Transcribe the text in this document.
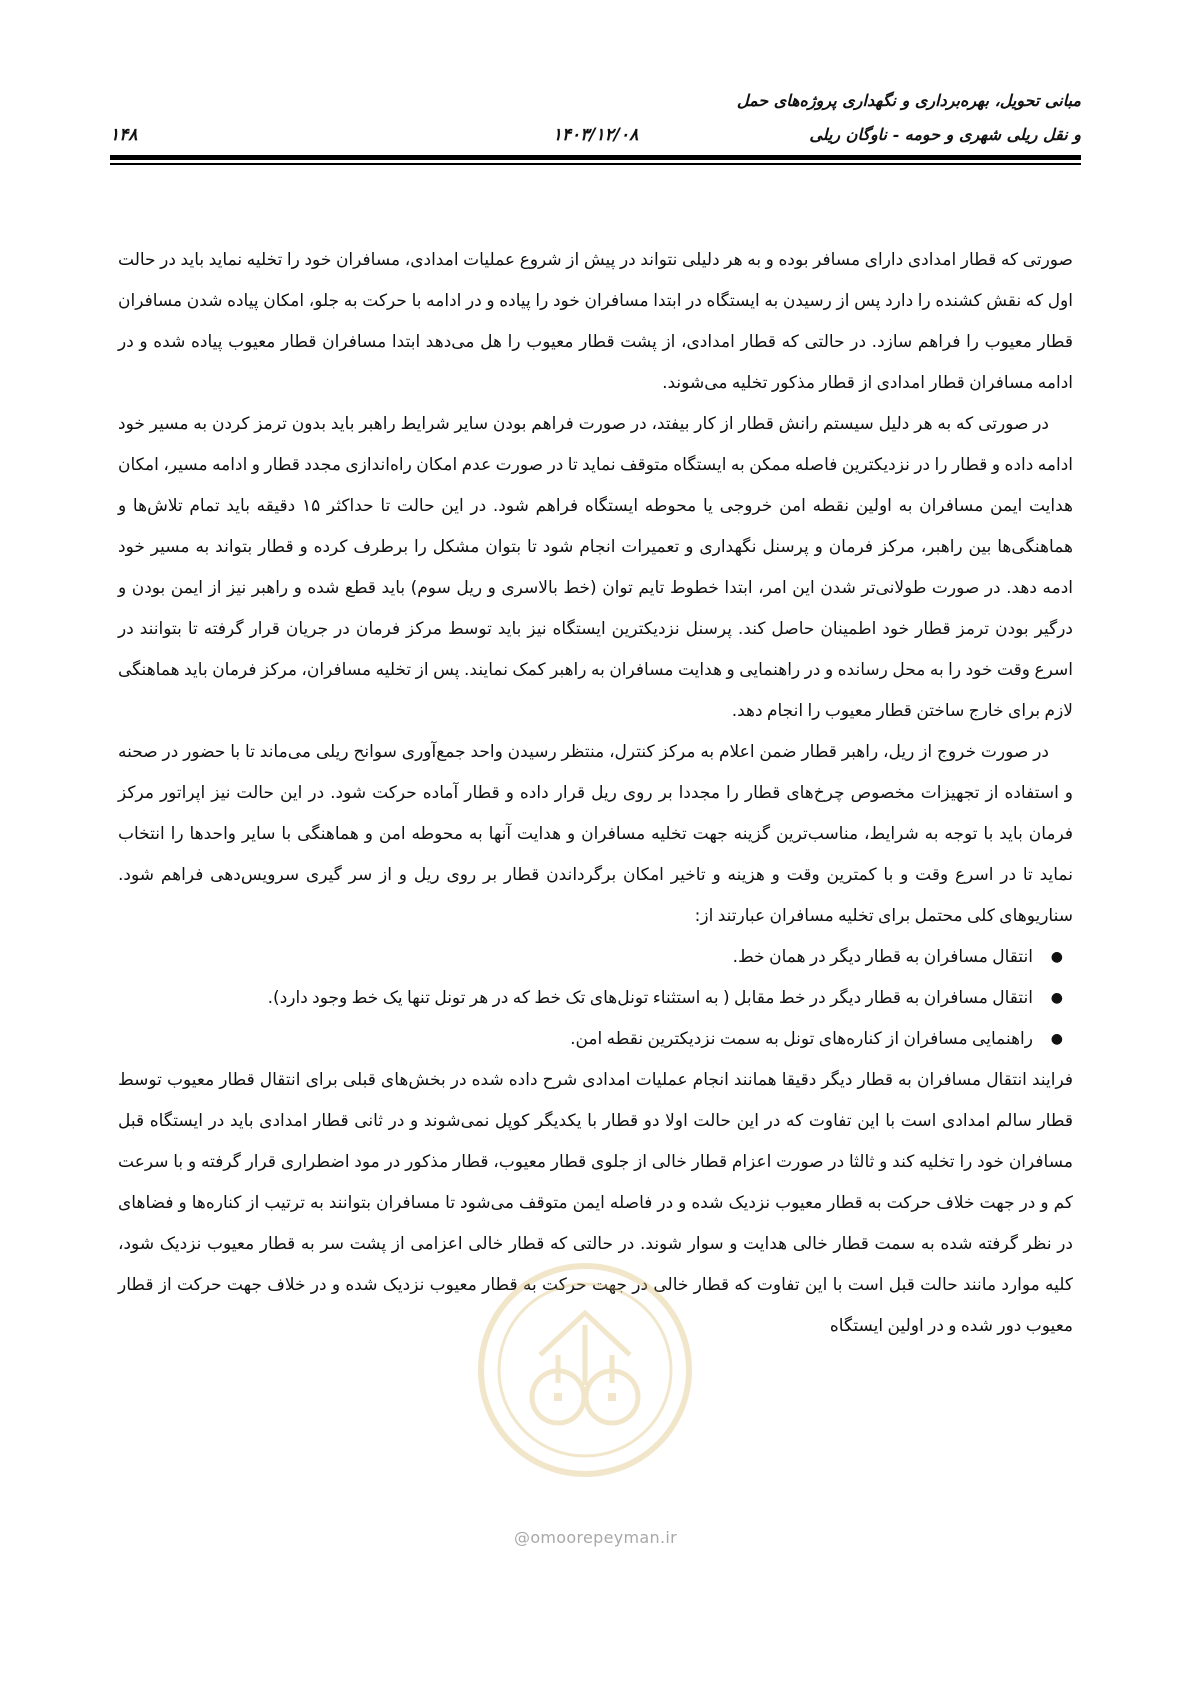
مبانی تحویل، بهره‌برداری و نگهداری پروژه‌های حمل
و نقل ریلی شهری و حومه - ناوگان ریلی
۱۴۰۳/۱۲/۰۸
۱۴۸

صورتی که قطار امدادی دارای مسافر بوده و به هر دلیلی نتواند در پیش از شروع عملیات امدادی، مسافران خود را تخلیه نماید باید در حالت اول که نقش کشنده را دارد پس از رسیدن به ایستگاه در ابتدا مسافران خود را پیاده و در ادامه با حرکت به جلو، امکان پیاده شدن مسافران قطار معیوب را فراهم سازد. در حالتی که قطار امدادی، از پشت قطار معیوب را هل می‌دهد ابتدا مسافران قطار معیوب پیاده شده و در ادامه مسافران قطار امدادی از قطار مذکور تخلیه می‌شوند.

در صورتی که به هر دلیل سیستم رانش قطار از کار بیفتد، در صورت فراهم بودن سایر شرایط راهبر باید بدون ترمز کردن به مسیر خود ادامه داده و قطار را در نزدیکترین فاصله ممکن به ایستگاه متوقف نماید تا در صورت عدم امکان راه‌اندازی مجدد قطار و ادامه مسیر، امکان هدایت ایمن مسافران به اولین نقطه امن خروجی یا محوطه ایستگاه فراهم شود. در این حالت تا حداکثر ۱۵ دقیقه باید تمام تلاش‌ها و هماهنگی‌ها بین راهبر، مرکز فرمان و پرسنل نگهداری و تعمیرات انجام شود تا بتوان مشکل را برطرف کرده و قطار بتواند به مسیر خود ادمه دهد. در صورت طولانی‌تر شدن این امر، ابتدا خطوط تایم توان (خط بالاسری و ریل سوم) باید قطع شده و راهبر نیز از ایمن بودن و درگیر بودن ترمز قطار خود اطمینان حاصل کند. پرسنل نزدیکترین ایستگاه نیز باید توسط مرکز فرمان در جریان قرار گرفته تا بتوانند در اسرع وقت خود را به محل رسانده و در راهنمایی و هدایت مسافران به راهبر کمک نمایند. پس از تخلیه مسافران، مرکز فرمان باید هماهنگی لازم برای خارج ساختن قطار معیوب را انجام دهد.

در صورت خروج از ریل، راهبر قطار ضمن اعلام به مرکز کنترل، منتظر رسیدن واحد جمع‌آوری سوانح ریلی می‌ماند تا با حضور در صحنه و استفاده از تجهیزات مخصوص چرخ‌های قطار را مجددا بر روی ریل قرار داده و قطار آماده حرکت شود. در این حالت نیز اپراتور مرکز فرمان باید با توجه به شرایط، مناسب‌ترین گزینه جهت تخلیه مسافران و هدایت آنها به محوطه امن و هماهنگی با سایر واحدها را انتخاب نماید تا در اسرع وقت و با کمترین وقت و هزینه و تاخیر امکان برگرداندن قطار بر روی ریل و از سر گیری سرویس‌دهی فراهم شود. سناریوهای کلی محتمل برای تخلیه مسافران عبارتند از:

●
انتقال مسافران به قطار دیگر در همان خط.
●
انتقال مسافران به قطار دیگر در خط مقابل ( به استثناء تونل‌های تک خط که در هر تونل تنها یک خط وجود دارد).
●
راهنمایی مسافران از کناره‌های تونل به سمت نزدیکترین نقطه امن.

فرایند انتقال مسافران به قطار دیگر دقیقا همانند انجام عملیات امدادی شرح داده شده در بخش‌های قبلی برای انتقال قطار معیوب توسط قطار سالم امدادی است با این تفاوت که در این حالت اولا دو قطار با یکدیگر کوپل نمی‌شوند و در ثانی قطار امدادی باید در ایستگاه قبل مسافران خود را تخلیه کند و ثالثا در صورت اعزام قطار خالی از جلوی قطار معیوب، قطار مذکور در مود اضطراری قرار گرفته و با سرعت کم و در جهت خلاف حرکت به قطار معیوب نزدیک شده و در فاصله ایمن متوقف می‌شود تا مسافران بتوانند به ترتیب از کناره‌ها و فضاهای در نظر گرفته شده به سمت قطار خالی هدایت و سوار شوند. در حالتی که قطار خالی اعزامی از پشت سر به قطار معیوب نزدیک شود، کلیه موارد مانند حالت قبل است با این تفاوت که قطار خالی در جهت حرکت به قطار معیوب نزدیک شده و در خلاف جهت حرکت از قطار معیوب دور شده و در اولین ایستگاه

@omoorepeyman.ir
